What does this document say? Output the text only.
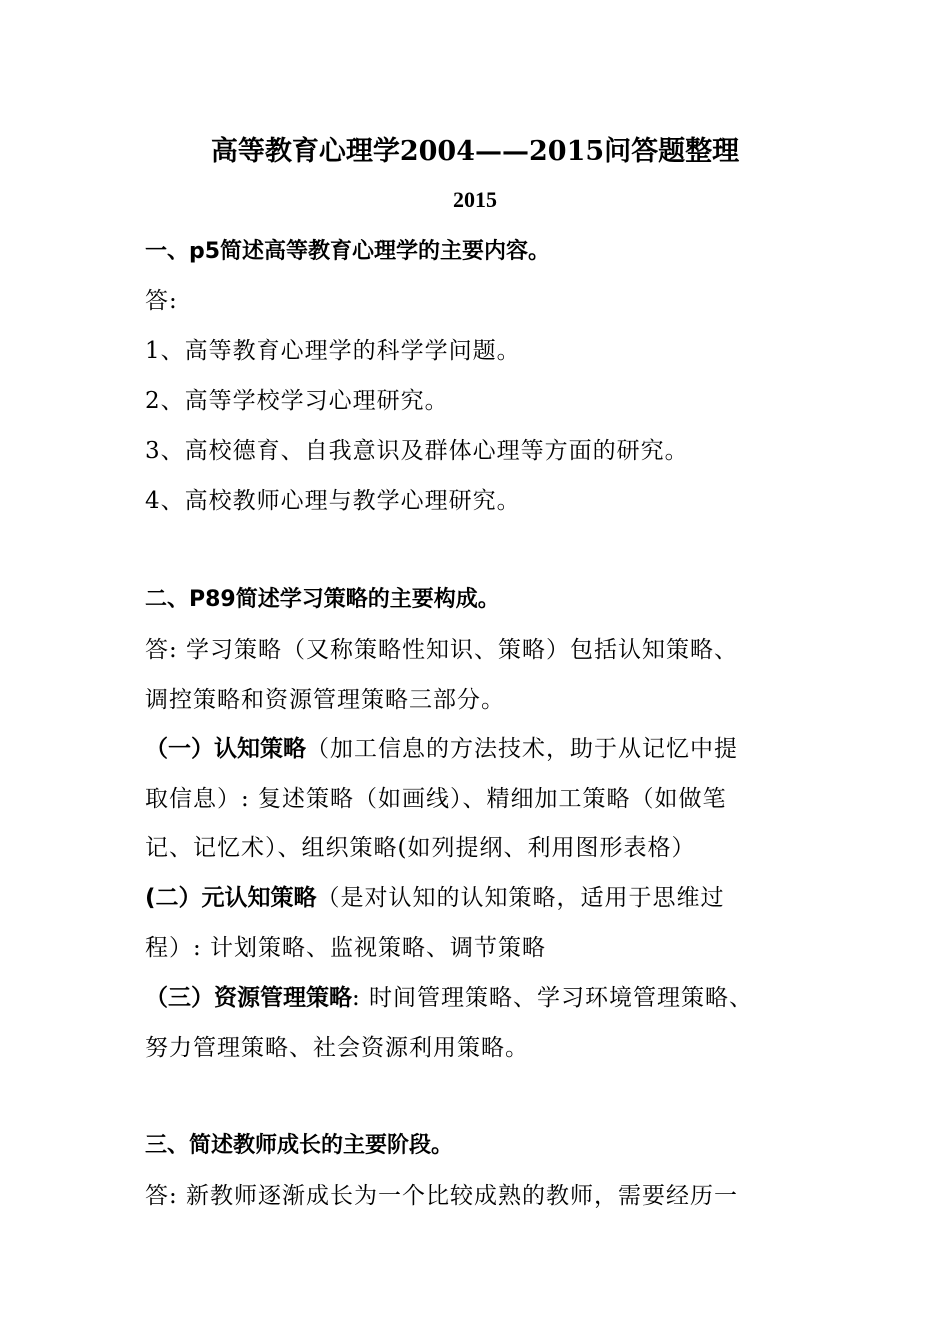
高等教育心理学2004——2015问答题整理
2015
一、p5简述高等教育心理学的主要内容。
答:
1、高等教育心理学的科学学问题。
2、高等学校学习心理研究。
3、高校德育、自我意识及群体心理等方面的研究。
4、高校教师心理与教学心理研究。
二、P89简述学习策略的主要构成。
答: 学习策略（又称策略性知识、策略）包括认知策略、
调控策略和资源管理策略三部分。
（一）认知策略（加工信息的方法技术，助于从记忆中提
取信息）: 复述策略（如画线）、精细加工策略（如做笔
记、记忆术）、组织策略(如列提纲、利用图形表格）
(二）元认知策略（是对认知的认知策略，适用于思维过
程）: 计划策略、监视策略、调节策略
（三）资源管理策略: 时间管理策略、学习环境管理策略、
努力管理策略、社会资源利用策略。
三、简述教师成长的主要阶段。
答: 新教师逐渐成长为一个比较成熟的教师，需要经历一
